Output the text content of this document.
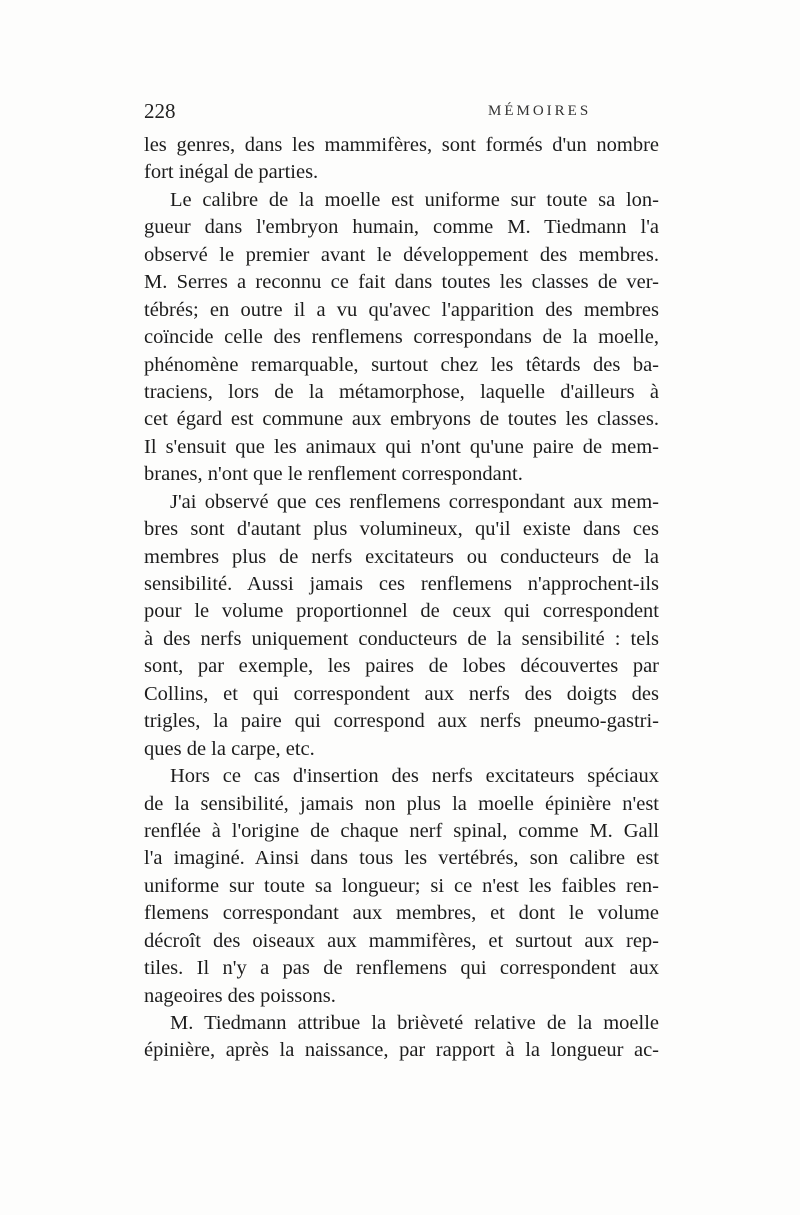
228	MÉMOIRES
les genres, dans les mammifères, sont formés d'un nombre
fort inégal de parties.
Le calibre de la moelle est uniforme sur toute sa lon-
gueur dans l'embryon humain, comme M. Tiedmann l'a
observé le premier avant le développement des membres.
M. Serres a reconnu ce fait dans toutes les classes de ver-
tébrés; en outre il a vu qu'avec l'apparition des membres
coïncide celle des renflemens correspondans de la moelle,
phénomène remarquable, surtout chez les têtards des ba-
traciens, lors de la métamorphose, laquelle d'ailleurs à
cet égard est commune aux embryons de toutes les classes.
Il s'ensuit que les animaux qui n'ont qu'une paire de mem-
branes, n'ont que le renflement correspondant.
J'ai observé que ces renflemens correspondant aux mem-
bres sont d'autant plus volumineux, qu'il existe dans ces
membres plus de nerfs excitateurs ou conducteurs de la
sensibilité. Aussi jamais ces renflemens n'approchent-ils
pour le volume proportionnel de ceux qui correspondent
à des nerfs uniquement conducteurs de la sensibilité : tels
sont, par exemple, les paires de lobes découvertes par
Collins, et qui correspondent aux nerfs des doigts des
trigles, la paire qui correspond aux nerfs pneumo-gastri-
ques de la carpe, etc.
Hors ce cas d'insertion des nerfs excitateurs spéciaux
de la sensibilité, jamais non plus la moelle épinière n'est
renflée à l'origine de chaque nerf spinal, comme M. Gall
l'a imaginé. Ainsi dans tous les vertébrés, son calibre est
uniforme sur toute sa longueur; si ce n'est les faibles ren-
flemens correspondant aux membres, et dont le volume
décroît des oiseaux aux mammifères, et surtout aux rep-
tiles. Il n'y a pas de renflemens qui correspondent aux
nageoires des poissons.
M. Tiedmann attribue la brièveté relative de la moelle
épinière, après la naissance, par rapport à la longueur ac-
